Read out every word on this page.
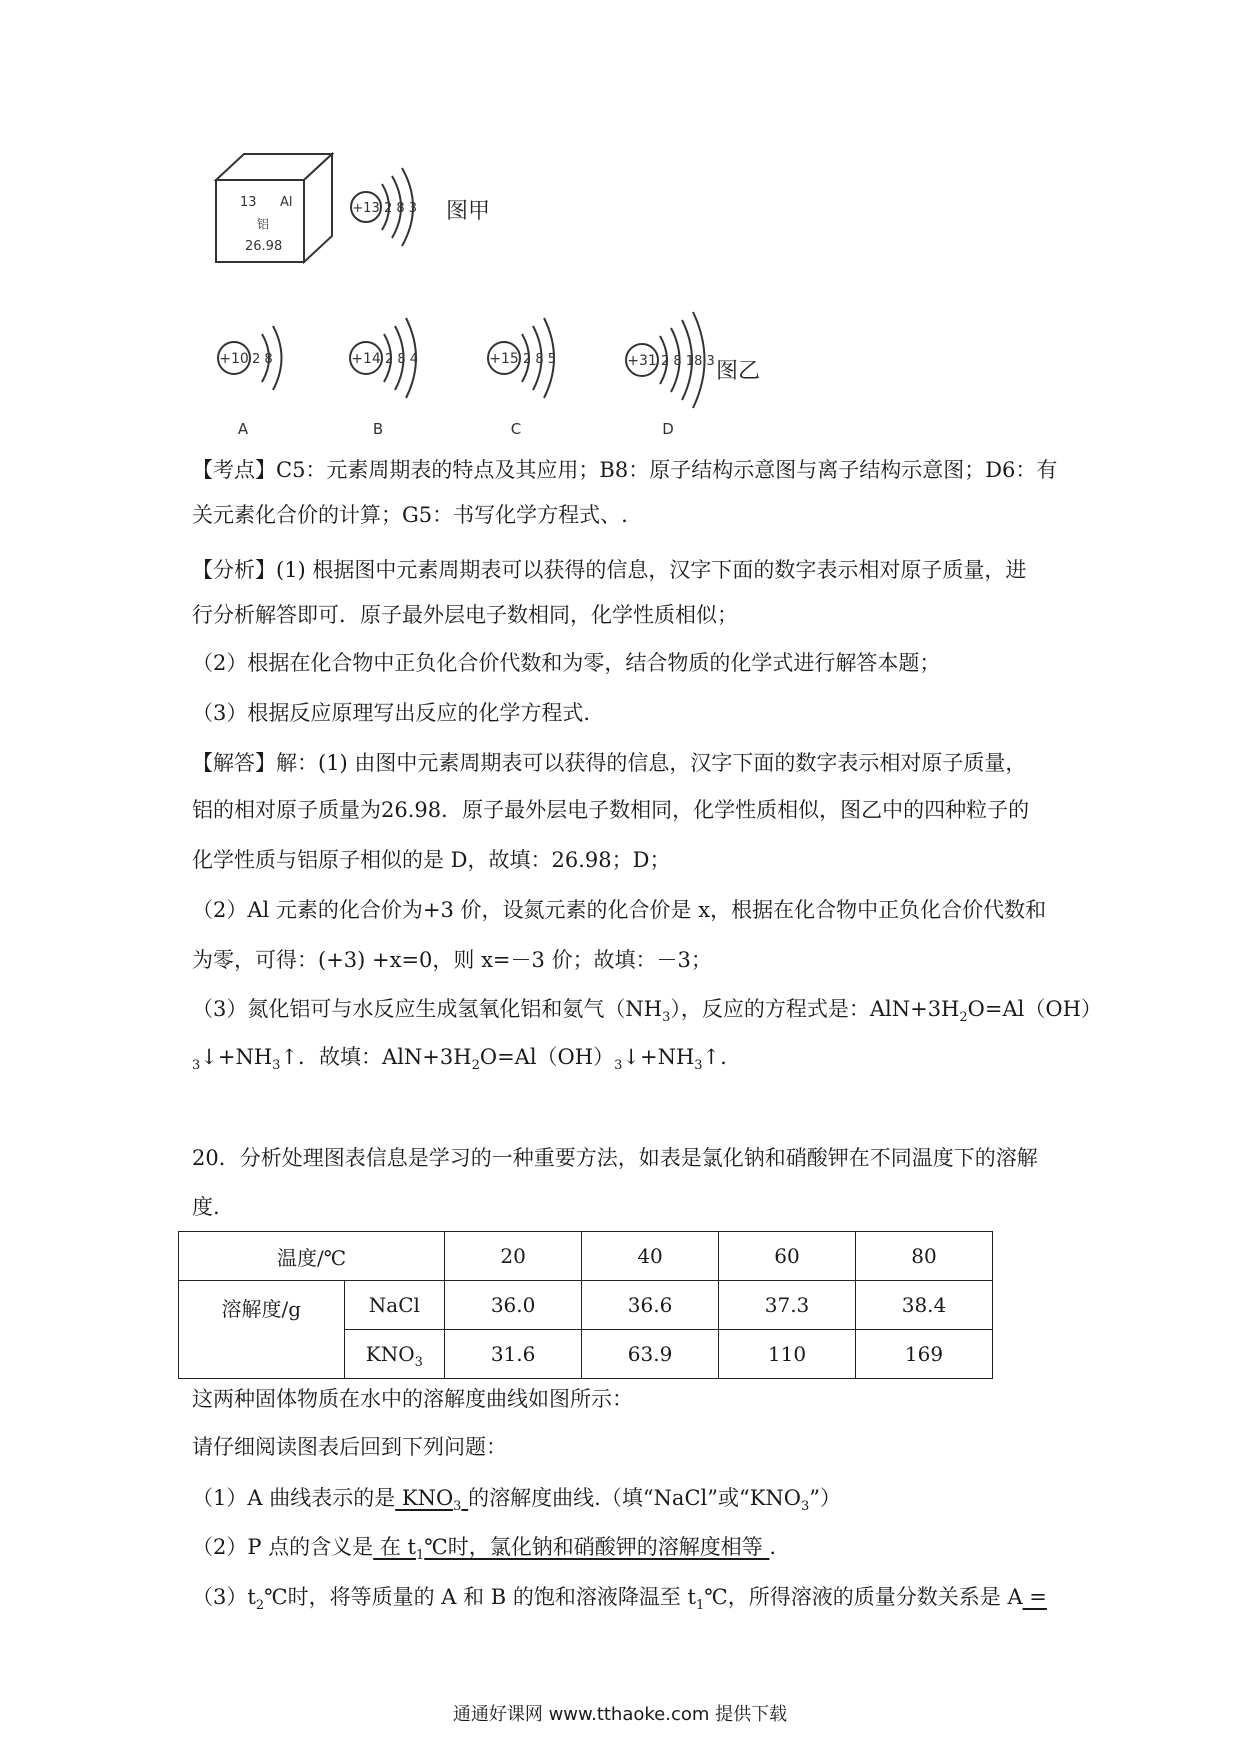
13 Al
铝
26.98
+13 2 8 3 图甲
+10 2 8
A
+14 2 8 4
B
+15 2 8 5
C
+31 2 8 18 3
D
图乙
【考点】C5：元素周期表的特点及其应用；B8：原子结构示意图与离子结构示意图；D6：有
关元素化合价的计算；G5：书写化学方程式、.
【分析】(1) 根据图中元素周期表可以获得的信息，汉字下面的数字表示相对原子质量，进
行分析解答即可．原子最外层电子数相同，化学性质相似；
（2）根据在化合物中正负化合价代数和为零，结合物质的化学式进行解答本题；
（3）根据反应原理写出反应的化学方程式.
【解答】解：(1) 由图中元素周期表可以获得的信息，汉字下面的数字表示相对原子质量，
铝的相对原子质量为26.98．原子最外层电子数相同，化学性质相似，图乙中的四种粒子的
化学性质与铝原子相似的是 D，故填：26.98；D；
（2）Al 元素的化合价为+3 价，设氮元素的化合价是 x，根据在化合物中正负化合价代数和
为零，可得：(+3) +x=0，则 x=－3 价；故填：－3；
（3）氮化铝可与水反应生成氢氧化铝和氨气$(NH_3)$，反应的方程式是：$AlN+3H_2O=Al(OH)$
$_3↓+NH_3↑$．故填：$AlN+3H_2O=Al(OH)_3↓+NH_3↑$.
20．分析处理图表信息是学习的一种重要方法，如表是氯化钠和硝酸钾在不同温度下的溶解
度.
温度/℃		20	40	60	80
溶解度/g	NaCl	36.0	36.6	37.3	38.4
	$KNO_3$	31.6	63.9	110	169
这两种固体物质在水中的溶解度曲线如图所示：
请仔细阅读图表后回到下列问题：
（1）A 曲线表示的是 $KNO_3$ 的溶解度曲线.（填“NaCl”或“$KNO_3$”）
（2）P 点的含义是 在 $t_1℃$时，氯化钠和硝酸钾的溶解度相等 .
$(3)t_2℃$时，将等质量的 A 和 B 的饱和溶液降温至 $t_1℃$，所得溶液的质量分数关系是 A =
通通好课网 www.tthaoke.com 提供下载
